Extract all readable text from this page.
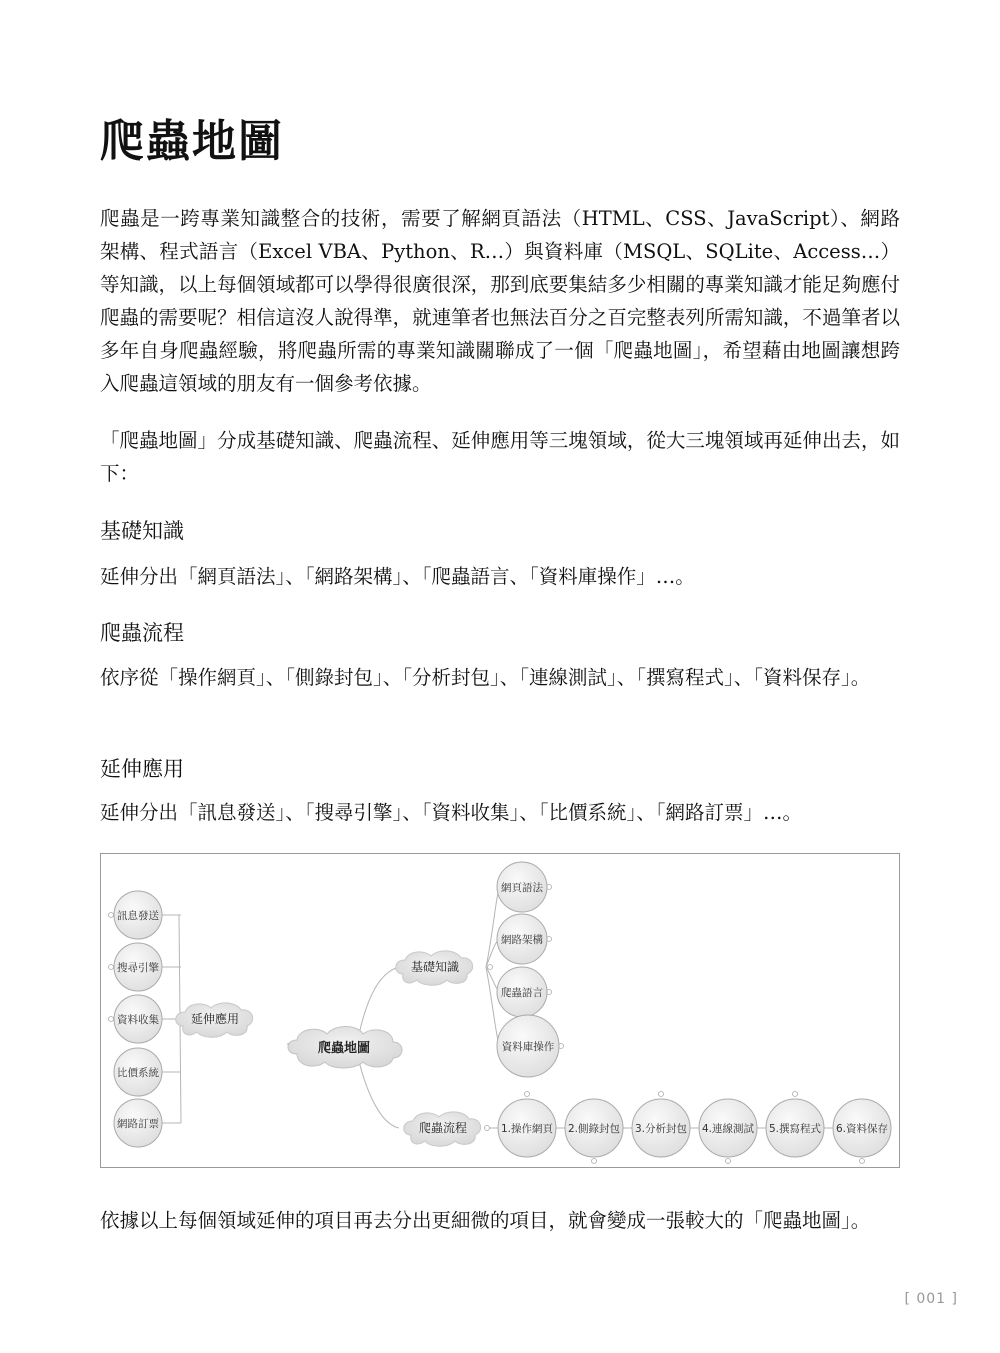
爬蟲地圖

爬蟲是一跨專業知識整合的技術，需要了解網頁語法（HTML、CSS、JavaScript）、網路架構、程式語言（Excel VBA、Python、R…）與資料庫（MSQL、SQLite、Access…）等知識，以上每個領域都可以學得很廣很深，那到底要集結多少相關的專業知識才能足夠應付爬蟲的需要呢？相信這沒人說得準，就連筆者也無法百分之百完整表列所需知識，不過筆者以多年自身爬蟲經驗，將爬蟲所需的專業知識關聯成了一個「爬蟲地圖」，希望藉由地圖讓想跨入爬蟲這領域的朋友有一個參考依據。

「爬蟲地圖」分成基礎知識、爬蟲流程、延伸應用等三塊領域，從大三塊領域再延伸出去，如下：

基礎知識

延伸分出「網頁語法」、「網路架構」、「爬蟲語言、「資料庫操作」…。

爬蟲流程

依序從「操作網頁」、「側錄封包」、「分析封包」、「連線測試」、「撰寫程式」、「資料保存」。

延伸應用

延伸分出「訊息發送」、「搜尋引擎」、「資料收集」、「比價系統」、「網路訂票」…。

爬蟲地圖
延伸應用
基礎知識
爬蟲流程
訊息發送
搜尋引擎
資料收集
比價系統
網路訂票
網頁語法
網路架構
爬蟲語言
資料庫操作
1.操作網頁 2.側錄封包 3.分析封包 4.連線測試 5.撰寫程式 6.資料保存

依據以上每個領域延伸的項目再去分出更細微的項目，就會變成一張較大的「爬蟲地圖」。

[ 001 ]
